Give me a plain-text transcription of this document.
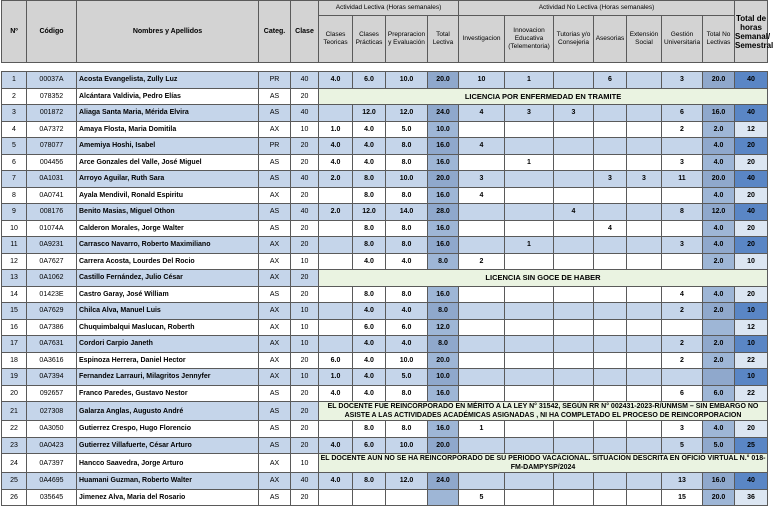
Nº	Código	Nombres y Apellidos	Categ.	Clase	Actividad Lectiva (Horas semanales)				Actividad No Lectiva (Horas semanales)							Total de horas Semanal/ Semestral
					Clases Teoricas	Clases Prácticas	Prepraracion y Evaluación	Total Lectiva	Investigacion	Innovacion Educativa (Telementoria)	Tutorias y/o Consejeria	Asesorias	Extensión Social	Gestión Universitaria	Total No Lectivas	

1	00037A	Acosta Evangelista, Zully Luz	PR	40	4.0	6.0	10.0	20.0	10	1		6		3	20.0	40
2	078352	Alcántara Valdivia, Pedro Elías	AS	20	LICENCIA POR ENFERMEDAD EN TRAMITE											
3	001872	Aliaga Santa Maria, Mérida Elvira	AS	40		12.0	12.0	24.0	4	3	3			6	16.0	40
4	0A7372	Amaya Flosta, Maria Domitila	AX	10	1.0	4.0	5.0	10.0						2	2.0	12
5	078077	Amemiya Hoshi, Isabel	PR	20	4.0	4.0	8.0	16.0	4						4.0	20
6	004456	Arce Gonzales del Valle, José Miguel	AS	20	4.0	4.0	8.0	16.0		1				3	4.0	20
7	0A1031	Arroyo Aguilar, Ruth Sara	AS	40	2.0	8.0	10.0	20.0	3			3	3	11	20.0	40
8	0A0741	Ayala Mendivil, Ronald Espiritu	AX	20		8.0	8.0	16.0	4						4.0	20
9	008176	Benito Masias, Miguel Othon	AS	40	2.0	12.0	14.0	28.0			4			8	12.0	40
10	01074A	Calderon Morales, Jorge Walter	AS	20		8.0	8.0	16.0				4			4.0	20
11	0A9231	Carrasco Navarro, Roberto Maximiliano	AX	20		8.0	8.0	16.0		1				3	4.0	20
12	0A7627	Carrera Acosta, Lourdes Del Rocio	AX	10		4.0	4.0	8.0	2						2.0	10
13	0A1062	Castillo Fernández, Julio César	AX	20	LICENCIA SIN GOCE DE HABER											
14	01423E	Castro Garay, José William	AS	20		8.0	8.0	16.0						4	4.0	20
15	0A7629	Chilca Alva, Manuel Luis	AX	10		4.0	4.0	8.0						2	2.0	10
16	0A7386	Chuquimbalqui Maslucan, Roberth	AX	10		6.0	6.0	12.0								12
17	0A7631	Cordori Carpio Janeth	AX	10		4.0	4.0	8.0						2	2.0	10
18	0A3616	Espinoza Herrera, Daniel Hector	AX	20	6.0	4.0	10.0	20.0						2	2.0	22
19	0A7394	Fernandez Larrauri, Milagritos Jennyfer	AX	10	1.0	4.0	5.0	10.0								10
20	092657	Franco Paredes, Gustavo Nestor	AS	20	4.0	4.0	8.0	16.0						6	6.0	22
21	027308	Galarza Anglas, Augusto André	AS	20	EL DOCENTE FUE REINCORPORADO EN MÉRITO A LA LEY N° 31542, SEGÚN RR N° 002431-2023-R/UNMSM – SIN EMBARGO NO ASISTE A LAS ACTIVIDADES ACADÉMICAS ASIGNADAS , NI HA COMPLETADO EL PROCESO DE REINCORPORACION											
22	0A3050	Gutierrez Crespo, Hugo Florencio	AS	20		8.0	8.0	16.0	1					3	4.0	20
23	0A0423	Gutierrez Villafuerte, César Arturo	AS	20	4.0	6.0	10.0	20.0						5	5.0	25
24	0A7397	Hancco Saavedra, Jorge Arturo	AX	10	EL DOCENTE AUN NO SE HA REINCORPORADO DE SU PERIODO VACACIONAL. SITUACION DESCRITA EN OFICIO VIRTUAL N.° 018-FM-DAMPYSP/2024											
25	0A4695	Huamani Guzman, Roberto Walter	AX	40	4.0	8.0	12.0	24.0						13	16.0	40
26	035645	Jimenez Alva, Maria del Rosario	AS	20					5					15	20.0	36
